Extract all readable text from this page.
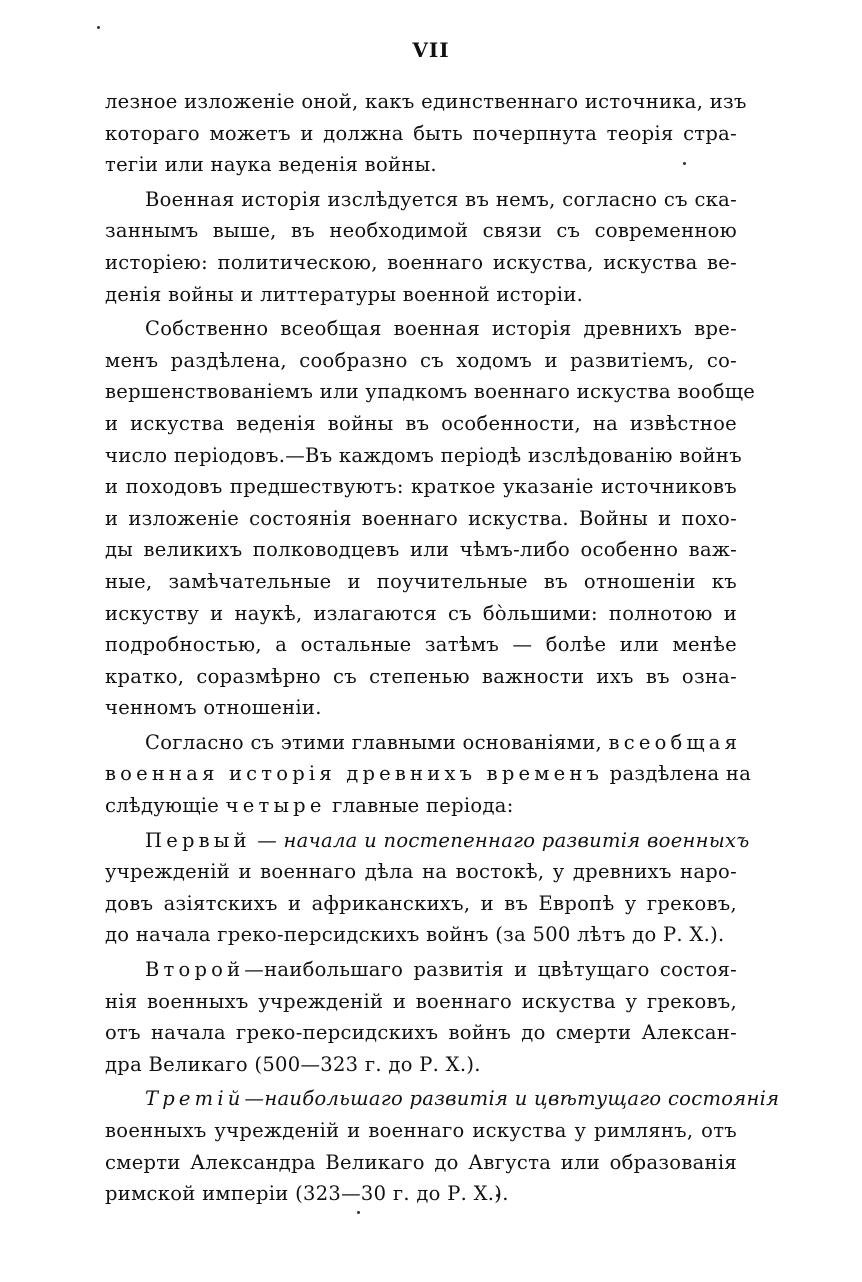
VII

лезное изложеніе оной, какъ единственнаго источника, изъ
котораго можетъ и должна быть почерпнута теорія стра-
тегіи или наука веденія войны.

Военная исторія изслѣдуется въ немъ, согласно съ ска-
заннымъ выше, въ необходимой связи съ современною
исторіею: политическою, военнаго искуства, искуства ве-
денія войны и литтературы военной исторіи.

Собственно всеобщая военная исторія древнихъ вре-
менъ раздѣлена, сообразно съ ходомъ и развитіемъ, со-
вершенствованіемъ или упадкомъ военнаго искуства вообще
и искуства веденія войны въ особенности, на извѣстное
число періодовъ.—Въ каждомъ періодѣ изслѣдованію войнъ
и походовъ предшествуютъ: краткое указаніе источниковъ
и изложеніе состоянія военнаго искуства. Войны и похо-
ды великихъ полководцевъ или чѣмъ-либо особенно важ-
ные, замѣчательные и поучительные въ отношеніи къ
искуству и наукѣ, излагаются съ бо̀льшими: полнотою и
подробностью, а остальные затѣмъ — болѣе или менѣе
кратко, соразмѣрно съ степенью важности ихъ въ озна-
ченномъ отношеніи.

Согласно съ этими главными основаніями, всеобщая
военная исторія древнихъ временъ раздѣлена на
слѣдующіе четыре главные періода:

Первый — начала и постепеннаго развитія военныхъ
учрежденій и военнаго дѣла на востокѣ, у древнихъ наро-
довъ азіятскихъ и африканскихъ, и въ Европѣ у грековъ,
до начала греко-персидскихъ войнъ (за 500 лѣтъ до Р. Х.).

Второй—наибольшаго развитія и цвѣтущаго состоя-
нія военныхъ учрежденій и военнаго искуства у грековъ,
отъ начала греко-персидскихъ войнъ до смерти Алексан-
дра Великаго (500—323 г. до Р. Х.).

Третій—наибольшаго развитія и цвѣтущаго состоянія
военныхъ учрежденій и военнаго искуства у римлянъ, отъ
смерти Александра Великаго до Августа или образованія
римской имперіи (323—30 г. до Р. Х.).
